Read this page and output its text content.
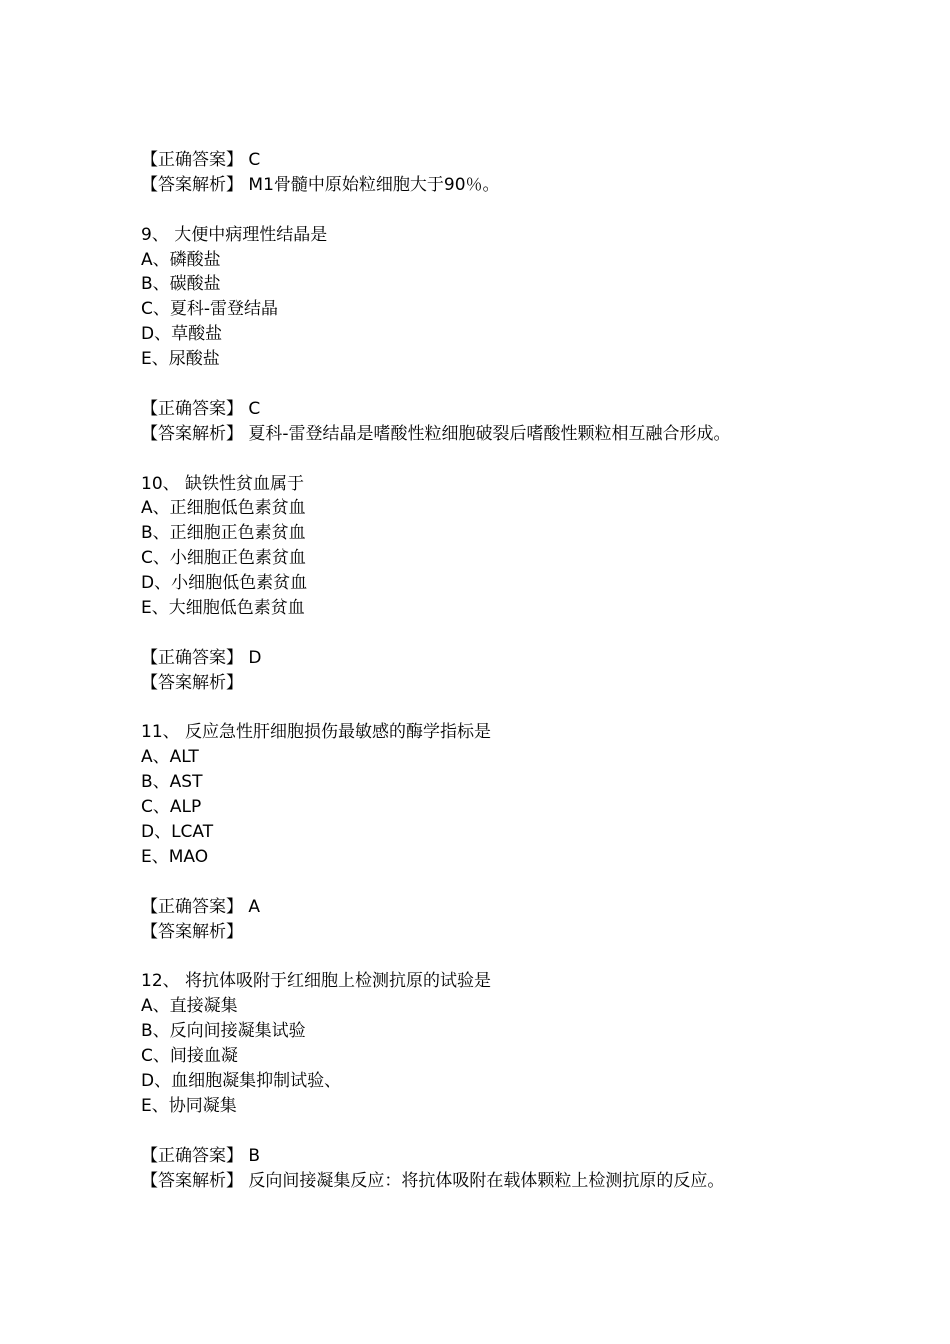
【正确答案】 C
【答案解析】 M1骨髓中原始粒细胞大于90％。
9、 大便中病理性结晶是
A、磷酸盐
B、碳酸盐
C、夏科-雷登结晶
D、草酸盐
E、尿酸盐
【正确答案】 C
【答案解析】 夏科-雷登结晶是嗜酸性粒细胞破裂后嗜酸性颗粒相互融合形成。
10、 缺铁性贫血属于
A、正细胞低色素贫血
B、正细胞正色素贫血
C、小细胞正色素贫血
D、小细胞低色素贫血
E、大细胞低色素贫血
【正确答案】 D
【答案解析】
11、 反应急性肝细胞损伤最敏感的酶学指标是
A、ALT
B、AST
C、ALP
D、LCAT
E、MAO
【正确答案】 A
【答案解析】
12、 将抗体吸附于红细胞上检测抗原的试验是
A、直接凝集
B、反向间接凝集试验
C、间接血凝
D、血细胞凝集抑制试验、
E、协同凝集
【正确答案】 B
【答案解析】 反向间接凝集反应：将抗体吸附在载体颗粒上检测抗原的反应。
